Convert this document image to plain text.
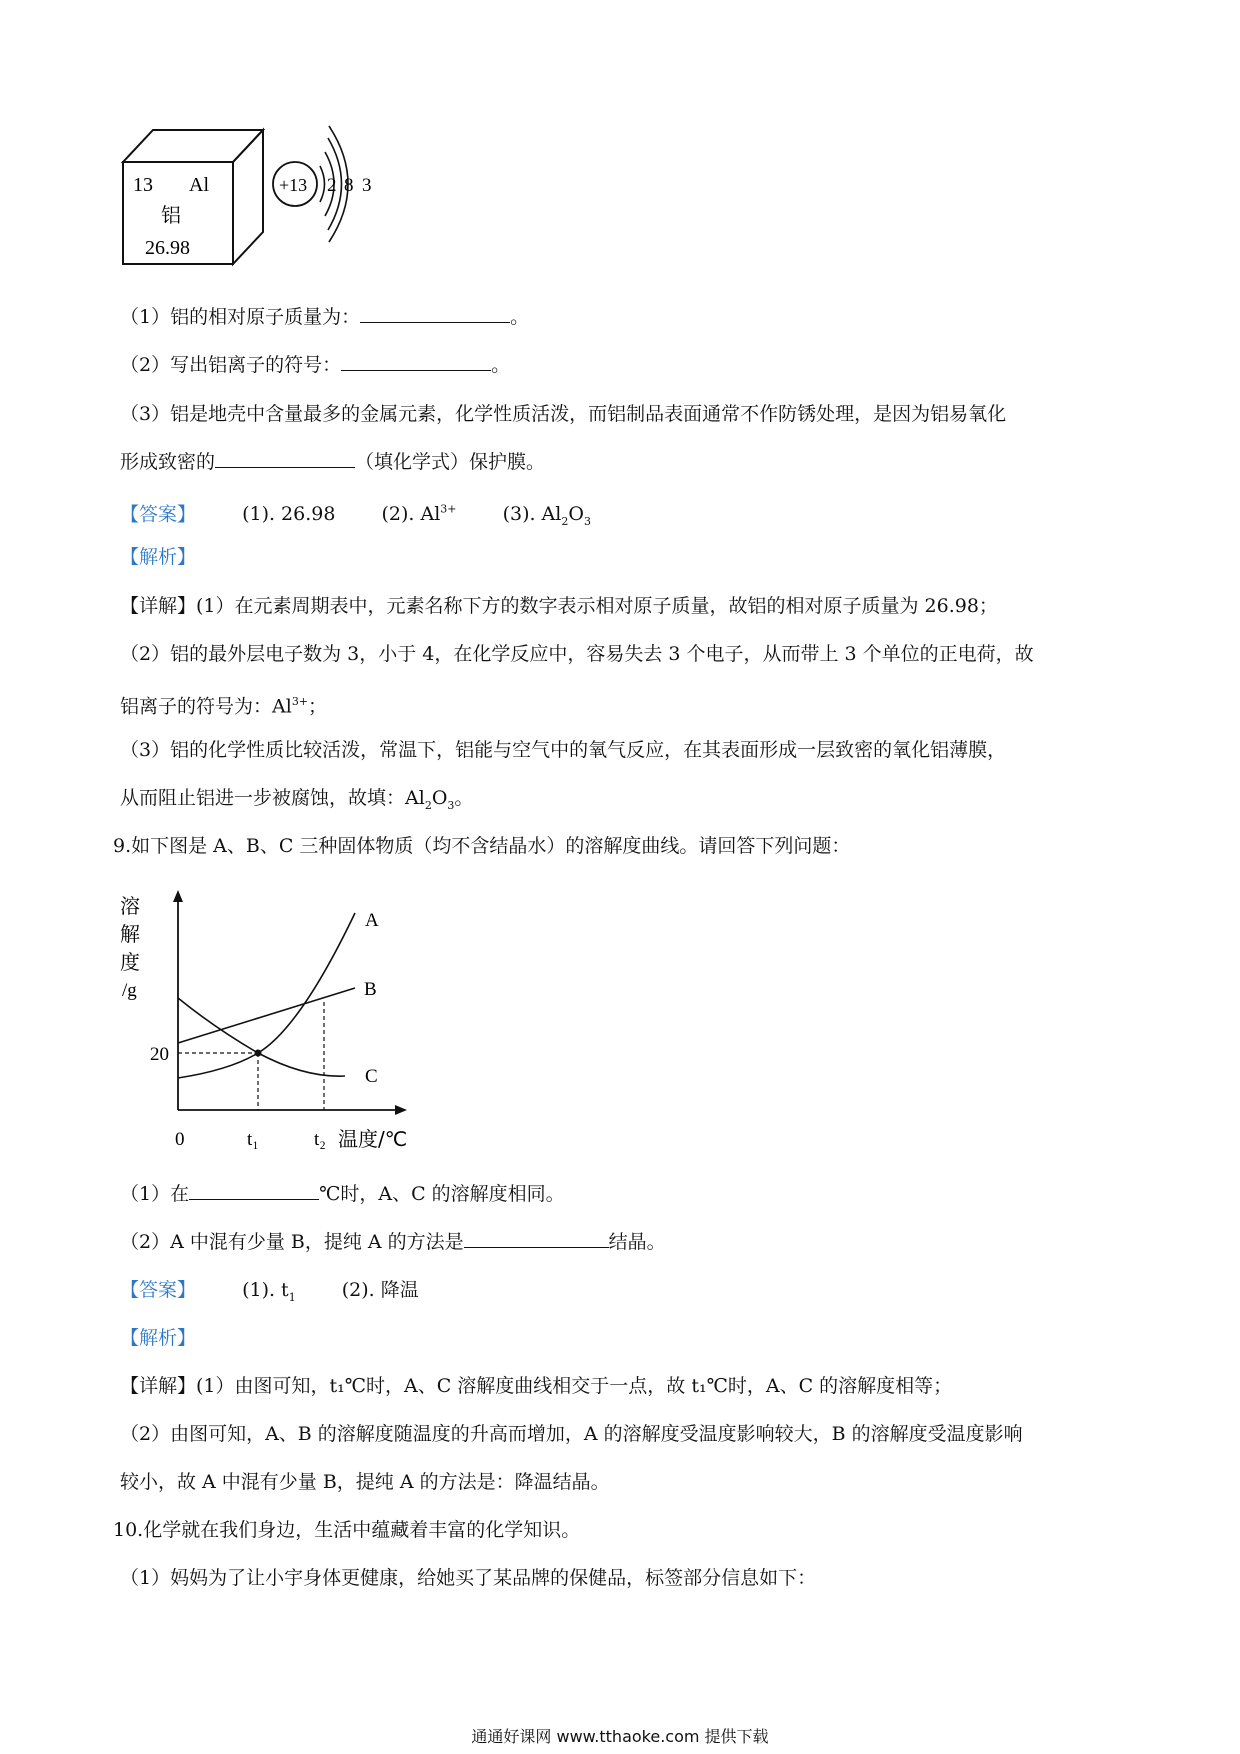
13 Al
铝
26.98
+13 2 8 3
（1）铝的相对原子质量为：	。
（2）写出铝离子的符号：	。
（3）铝是地壳中含量最多的金属元素，化学性质活泼，而铝制品表面通常不作防锈处理，是因为铝易氧化
形成致密的	（填化学式）保护膜。
【答案】 (1). 26.98 (2). $Al^{3+}$ (3). $Al_2O_3$
【解析】
【详解】(1）在元素周期表中，元素名称下方的数字表示相对原子质量，故铝的相对原子质量为 26.98；
（2）铝的最外层电子数为 3，小于 4，在化学反应中，容易失去 3 个电子，从而带上 3 个单位的正电荷，故
铝离子的符号为：$Al^{3+}$；
（3）铝的化学性质比较活泼，常温下，铝能与空气中的氧气反应，在其表面形成一层致密的氧化铝薄膜，
从而阻止铝进一步被腐蚀，故填：$Al_2O_3$。
9.如下图是 A、B、C 三种固体物质（均不含结晶水）的溶解度曲线。请回答下列问题：
溶
解
度
/g
20
0	t₁	t₂ 温度/℃
A
B
C
（1）在	℃时，A、C 的溶解度相同。
（2）A 中混有少量 B，提纯 A 的方法是	结晶。
【答案】 (1). $t_1$ (2). 降温
【解析】
【详解】(1）由图可知，t₁℃时，A、C 溶解度曲线相交于一点，故 t₁℃时，A、C 的溶解度相等；
（2）由图可知，A、B 的溶解度随温度的升高而增加，A 的溶解度受温度影响较大，B 的溶解度受温度影响
较小，故 A 中混有少量 B，提纯 A 的方法是：降温结晶。
10.化学就在我们身边，生活中蕴藏着丰富的化学知识。
（1）妈妈为了让小宇身体更健康，给她买了某品牌的保健品，标签部分信息如下：
通通好课网 www.tthaoke.com 提供下载
